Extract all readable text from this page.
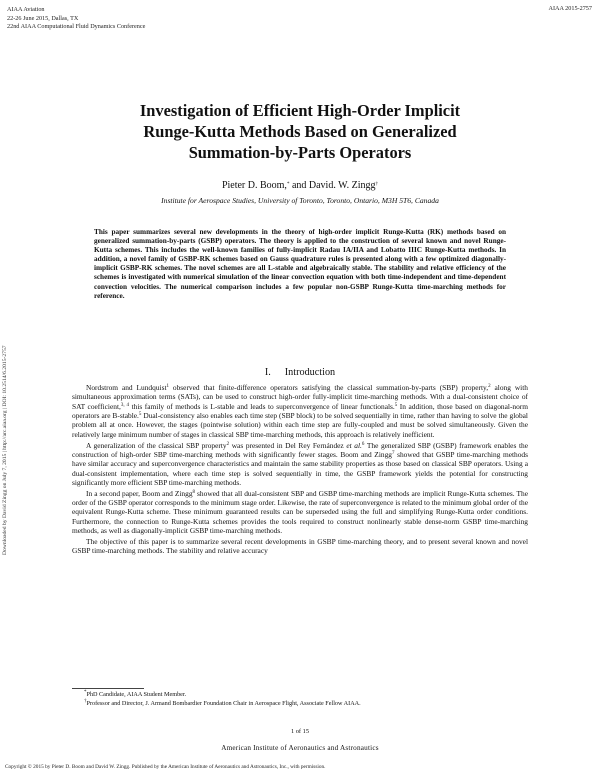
AIAA Aviation
22-26 June 2015, Dallas, TX
22nd AIAA Computational Fluid Dynamics Conference
AIAA 2015-2757
Downloaded by David Zingg on July 7, 2015 | http://arc.aiaa.org | DOI: 10.2514/6.2015-2757
Investigation of Efficient High-Order Implicit
Runge-Kutta Methods Based on Generalized
Summation-by-Parts Operators
Pieter D. Boom,* and David. W. Zingg†
Institute for Aerospace Studies, University of Toronto, Toronto, Ontario, M3H 5T6, Canada
This paper summarizes several new developments in the theory of high-order implicit Runge-Kutta (RK) methods based on generalized summation-by-parts (GSBP) operators. The theory is applied to the construction of several known and novel Runge-Kutta schemes. This includes the well-known families of fully-implicit Radau IA/IIA and Lobatto IIIC Runge-Kutta methods. In addition, a novel family of GSBP-RK schemes based on Gauss quadrature rules is presented along with a few optimized diagonally-implicit GSBP-RK schemes. The novel schemes are all L-stable and algebraically stable. The stability and relative efficiency of the schemes is investigated with numerical simulation of the linear convection equation with both time-independent and time-dependent convection velocities. The numerical comparison includes a few popular non-GSBP Runge-Kutta time-marching methods for reference.
I. Introduction

Nordstrom and Lundquist$^1$ observed that finite-difference operators satisfying the classical summation-by-parts (SBP) property,$^2$ along with simultaneous approximation terms (SATs), can be used to construct high-order fully-implicit time-marching methods. With a dual-consistent choice of SAT coefficient,$^{3, 4}$ this family of methods is L-stable and leads to superconvergence of linear functionals.$^5$ In addition, those based on diagonal-norm operators are B-stable.$^5$ Dual-consistency also enables each time step (SBP block) to be solved sequentially in time, rather than having to solve the global problem all at once. However, the stages (pointwise solution) within each time step are fully-coupled and must be solved simultaneously. Given the relatively large minimum number of stages in classical SBP time-marching methods, this approach is relatively inefficient.

A generalization of the classical SBP property$^2$ was presented in Del Rey Fernández et al.$^6$ The generalized SBP (GSBP) framework enables the construction of high-order SBP time-marching methods with significantly fewer stages. Boom and Zingg$^7$ showed that GSBP time-marching methods have similar accuracy and superconvergence characteristics and maintain the same stability properties as those based on classical SBP operators. Using a dual-consistent implementation, where each time step is solved sequentially in time, the GSBP framework yields the potential for constructing significantly more efficient SBP time-marching methods.

In a second paper, Boom and Zingg$^8$ showed that all dual-consistent SBP and GSBP time-marching methods are implicit Runge-Kutta schemes. The order of the GSBP operator corresponds to the minimum stage order. Likewise, the rate of superconvergence is related to the minimum global order of the equivalent Runge-Kutta scheme. These minimum guaranteed results can be superseded using the full and simplifying Runge-Kutta order conditions. Furthermore, the connection to Runge-Kutta schemes provides the tools required to construct nonlinearly stable dense-norm GSBP time-marching methods, as well as diagonally-implicit GSBP time-marching methods.

The objective of this paper is to summarize several recent developments in GSBP time-marching theory, and to present several known and novel GSBP time-marching methods. The stability and relative accuracy

*PhD Candidate, AIAA Student Member.
†Professor and Director, J. Armand Bombardier Foundation Chair in Aerospace Flight, Associate Fellow AIAA.
1 of 15
American Institute of Aeronautics and Astronautics
Copyright © 2015 by Pieter D. Boom and David W. Zingg. Published by the American Institute of Aeronautics and Astronautics, Inc., with permission.
